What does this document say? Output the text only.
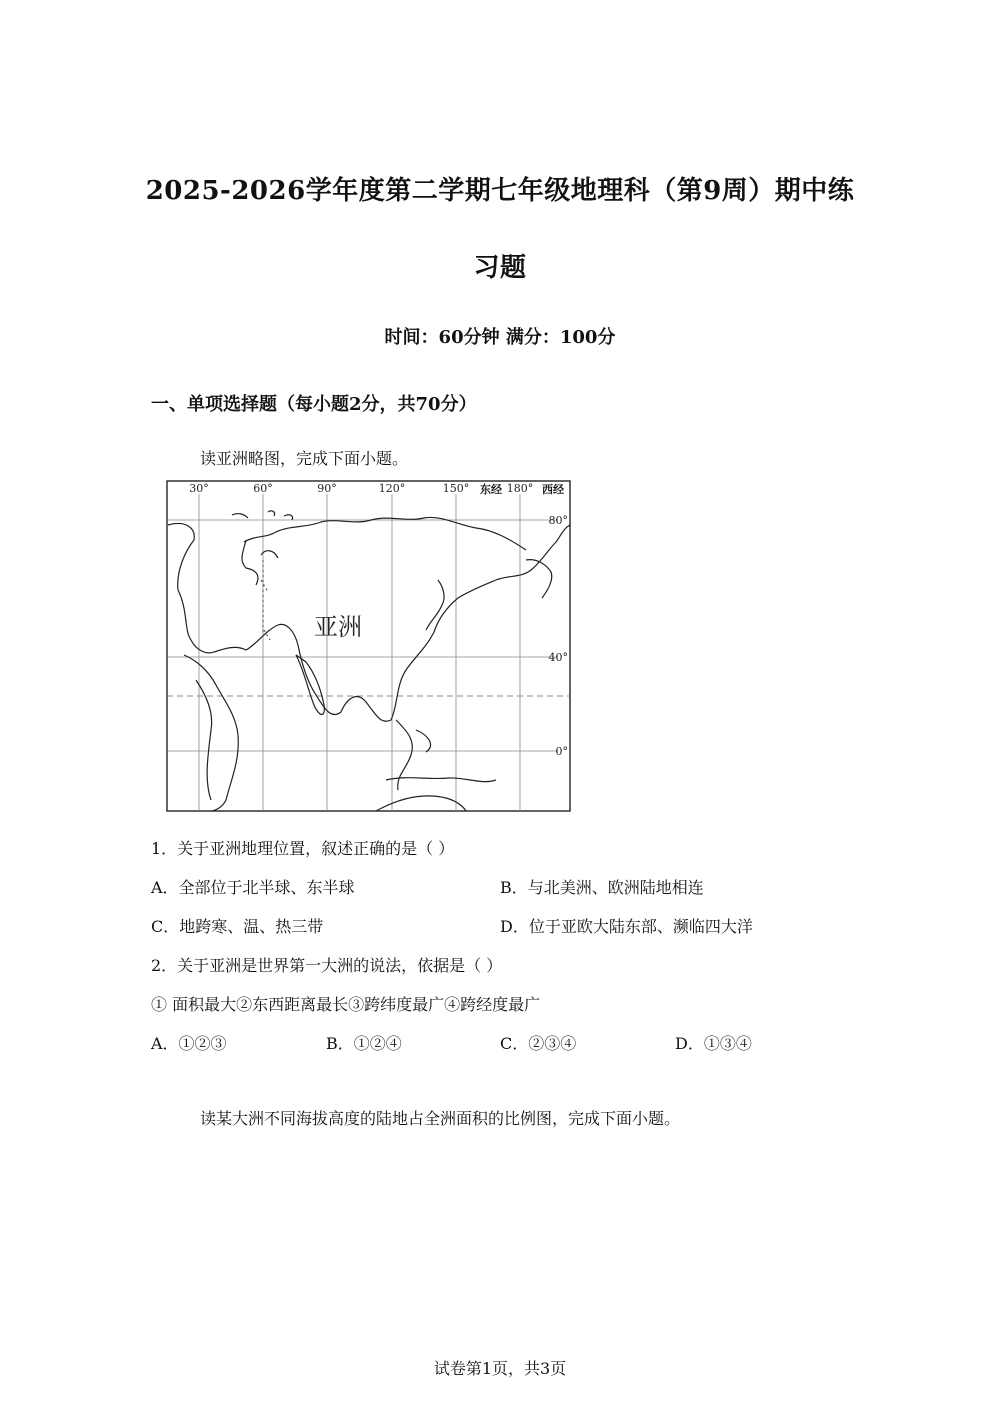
2025-2026学年度第二学期七年级地理科（第9周）期中练
习题
时间：60分钟 满分：100分
一、单项选择题（每小题2分，共70分）
读亚洲略图，完成下面小题。
30°	60°	90°	120°	150°	180°
东经	西经
80°
40°
0°
亚洲
1．关于亚洲地理位置，叙述正确的是（ ）
A．全部位于北半球、东半球	B．与北美洲、欧洲陆地相连
C．地跨寒、温、热三带	D．位于亚欧大陆东部、濒临四大洋
2．关于亚洲是世界第一大洲的说法，依据是（ ）
① 面积最大②东西距离最长③跨纬度最广④跨经度最广
A．①②③	B．①②④	C．②③④	D．①③④
读某大洲不同海拔高度的陆地占全洲面积的比例图，完成下面小题。
试卷第1页，共3页
